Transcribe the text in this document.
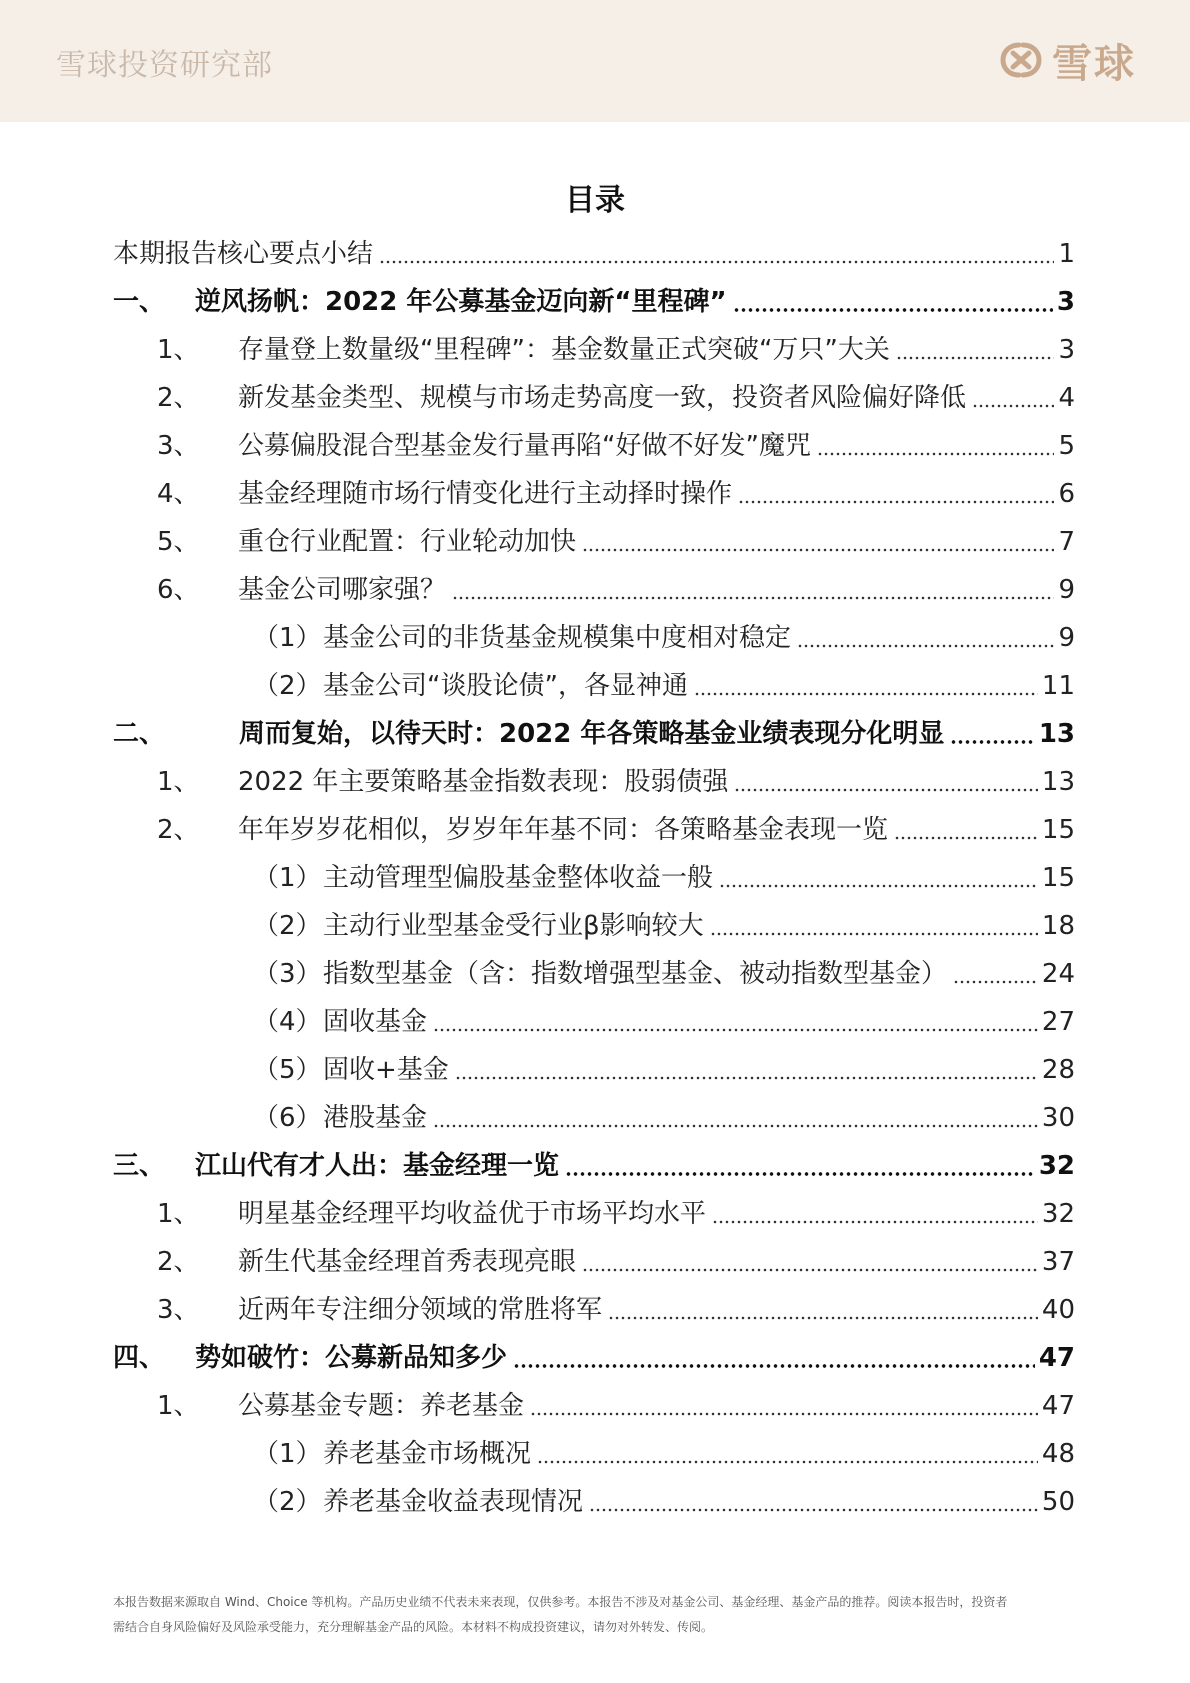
雪球投资研究部	雪球
目录
本期报告核心要点小结	1
一、	逆风扬帆：2022 年公募基金迈向新“里程碑”	3
1、	存量登上数量级“里程碑”：基金数量正式突破“万只”大关	3
2、	新发基金类型、规模与市场走势高度一致，投资者风险偏好降低	4
3、	公募偏股混合型基金发行量再陷“好做不好发”魔咒	5
4、	基金经理随市场行情变化进行主动择时操作	6
5、	重仓行业配置：行业轮动加快	7
6、	基金公司哪家强？	9
（1） 基金公司的非货基金规模集中度相对稳定	9
（2） 基金公司“谈股论债”，各显神通	11
二、	周而复始，以待天时：2022 年各策略基金业绩表现分化明显	13
1、	2022 年主要策略基金指数表现：股弱债强	13
2、	年年岁岁花相似，岁岁年年基不同：各策略基金表现一览	15
（1） 主动管理型偏股基金整体收益一般	15
（2） 主动行业型基金受行业β影响较大	18
（3） 指数型基金（含：指数增强型基金、被动指数型基金）	24
（4） 固收基金	27
（5） 固收+基金	28
（6） 港股基金	30
三、	江山代有才人出：基金经理一览	32
1、	明星基金经理平均收益优于市场平均水平	32
2、	新生代基金经理首秀表现亮眼	37
3、	近两年专注细分领域的常胜将军	40
四、	势如破竹：公募新品知多少	47
1、	公募基金专题：养老基金	47
（1） 养老基金市场概况	48
（2） 养老基金收益表现情况	50
本报告数据来源取自 Wind、Choice 等机构。产品历史业绩不代表未来表现，仅供参考。本报告不涉及对基金公司、基金经理、基金产品的推荐。阅读本报告时，投资者
需结合自身风险偏好及风险承受能力，充分理解基金产品的风险。本材料不构成投资建议，请勿对外转发、传阅。
